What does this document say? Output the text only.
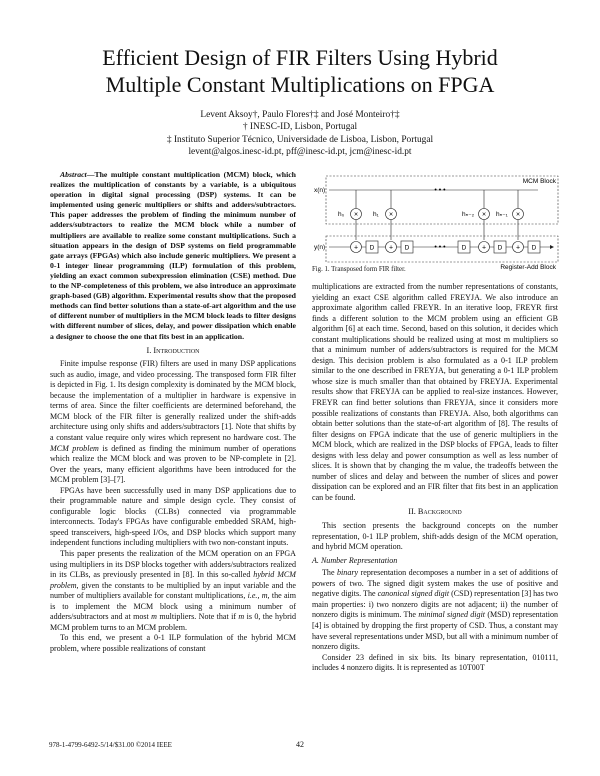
Efficient Design of FIR Filters Using Hybrid
Multiple Constant Multiplications on FPGA
Levent Aksoy†, Paulo Flores†‡ and José Monteiro†‡
† INESC-ID, Lisbon, Portugal
‡ Instituto Superior Técnico, Universidade de Lisboa, Lisbon, Portugal
levent@algos.inesc-id.pt, pff@inesc-id.pt, jcm@inesc-id.pt

Abstract—The multiple constant multiplication (MCM) block, which realizes the multiplication of constants by a variable, is a ubiquitous operation in digital signal processing (DSP) systems. It can be implemented using generic multipliers or shifts and adders/subtractors. This paper addresses the problem of finding the minimum number of adders/subtractors to realize the MCM block while a number of multipliers are available to realize some constant multiplications. Such a situation appears in the design of DSP systems on field programmable gate arrays (FPGAs) which also include generic multipliers. We present a 0-1 integer linear programming (ILP) formulation of this problem, yielding an exact common subexpression elimination (CSE) method. Due to the NP-completeness of this problem, we also introduce an approximate graph-based (GB) algorithm. Experimental results show that the proposed methods can find better solutions than a state-of-art algorithm and the use of different number of multipliers in the MCM block leads to filter designs with different number of slices, delay, and power dissipation which enable a designer to choose the one that fits best in an application.

I. Introduction

Finite impulse response (FIR) filters are used in many DSP applications such as audio, image, and video processing. The transposed form FIR filter is depicted in Fig. 1. Its design complexity is dominated by the MCM block, because the implementation of a multiplier in hardware is expensive in terms of area. Since the filter coefficients are determined beforehand, the MCM block of the FIR filter is generally realized under the shift-adds architecture using only shifts and adders/subtractors [1]. Note that shifts by a constant value require only wires which represent no hardware cost. The MCM problem is defined as finding the minimum number of operations which realize the MCM block and was proven to be NP-complete in [2]. Over the years, many efficient algorithms have been introduced for the MCM problem [3]–[7].

FPGAs have been successfully used in many DSP applications due to their programmable nature and simple design cycle. They consist of configurable logic blocks (CLBs) connected via programmable interconnects. Today's FPGAs have configurable embedded SRAM, high-speed transceivers, high-speed I/Os, and DSP blocks which support many independent functions including multipliers with two non-constant inputs.

This paper presents the realization of the MCM operation on an FPGA using multipliers in its DSP blocks together with adders/subtractors realized in its CLBs, as previously presented in [8]. In this so-called hybrid MCM problem, given the constants to be multiplied by an input variable and the number of multipliers available for constant multiplications, i.e., m, the aim is to implement the MCM block using a minimum number of adders/subtractors and at most m multipliers. Note that if m is 0, the hybrid MCM problem turns to an MCM problem.

To this end, we present a 0-1 ILP formulation of the hybrid MCM problem, where possible realizations of constant

MCM Block
Register-Add Block
x(n)
y(n)
×
h₀
+ D
×
h₁
+ D
• • •
• • • D
×
hₙ₋₂
+ D
×
hₙ₋₁
+ D
Fig. 1. Transposed form FIR filter.

multiplications are extracted from the number representations of constants, yielding an exact CSE algorithm called FREYJA. We also introduce an approximate algorithm called FREYR. In an iterative loop, FREYR first finds a different solution to the MCM problem using an efficient GB algorithm [6] at each time. Second, based on this solution, it decides which constant multiplications should be realized using at most m multipliers so that a minimum number of adders/subtractors is required for the MCM design. This decision problem is also formulated as a 0-1 ILP problem similar to the one described in FREYJA, but generating a 0-1 ILP problem whose size is much smaller than that obtained by FREYJA. Experimental results show that FREYJA can be applied to real-size instances. However, FREYR can find better solutions than FREYJA, since it considers more possible realizations of constants than FREYJA. Also, both algorithms can obtain better solutions than the state-of-art algorithm of [8]. The results of filter designs on FPGA indicate that the use of generic multipliers in the MCM block, which are realized in the DSP blocks of FPGA, leads to filter designs with less delay and power consumption as well as less number of slices. It is shown that by changing the m value, the tradeoffs between the number of slices and delay and between the number of slices and power dissipation can be explored and an FIR filter that fits best in an application can be found.

II. Background

This section presents the background concepts on the number representation, 0-1 ILP problem, shift-adds design of the MCM operation, and hybrid MCM operation.

A. Number Representation

The binary representation decomposes a number in a set of additions of powers of two. The signed digit system makes the use of positive and negative digits. The canonical signed digit (CSD) representation [3] has two main properties: i) two nonzero digits are not adjacent; ii) the number of nonzero digits is minimum. The minimal signed digit (MSD) representation [4] is obtained by dropping the first property of CSD. Thus, a constant may have several representations under MSD, but all with a minimum number of nonzero digits.

Consider 23 defined in six bits. Its binary representation, 010111, includes 4 nonzero digits. It is represented as 10T00T

978-1-4799-6492-5/14/$31.00 ©2014 IEEE	42
